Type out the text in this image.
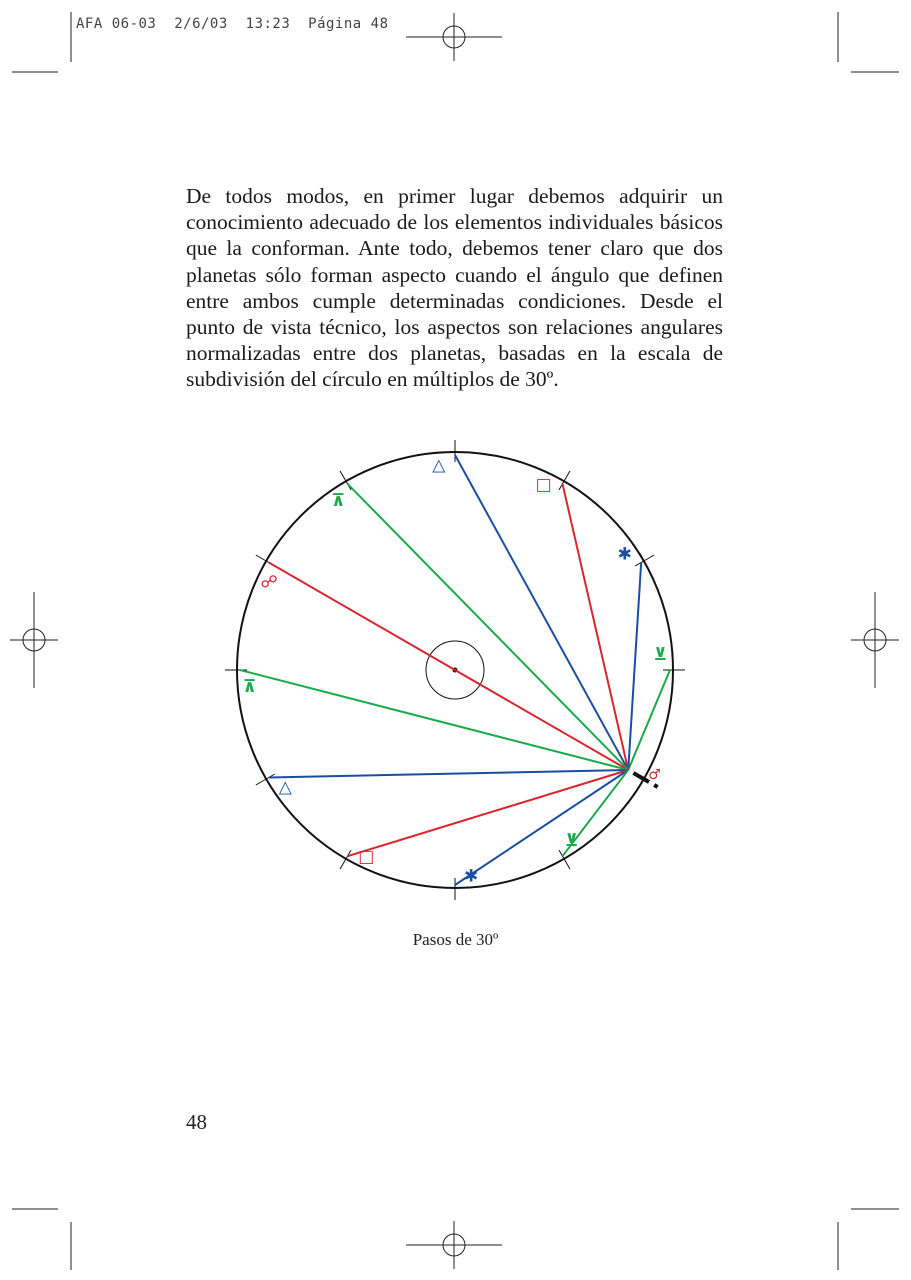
AFA 06-03  2/6/03  13:23  Página 48
De todos modos, en primer lugar debemos adquirir un conocimiento adecuado de los elementos individuales básicos que la conforman. Ante todo, debemos tener claro que dos planetas sólo forman aspecto cuando el ángulo que definen entre ambos cumple determinadas condiciones. Desde el punto de vista técnico, los aspectos son relaciones angulares normalizadas entre dos planetas, basadas en la escala de subdivisión del círculo en múltiplos de 30º.
♂
⊻
✱
□
△
⊼
☍
⊼
△
□
✱
⊻
Pasos de 30º
48
